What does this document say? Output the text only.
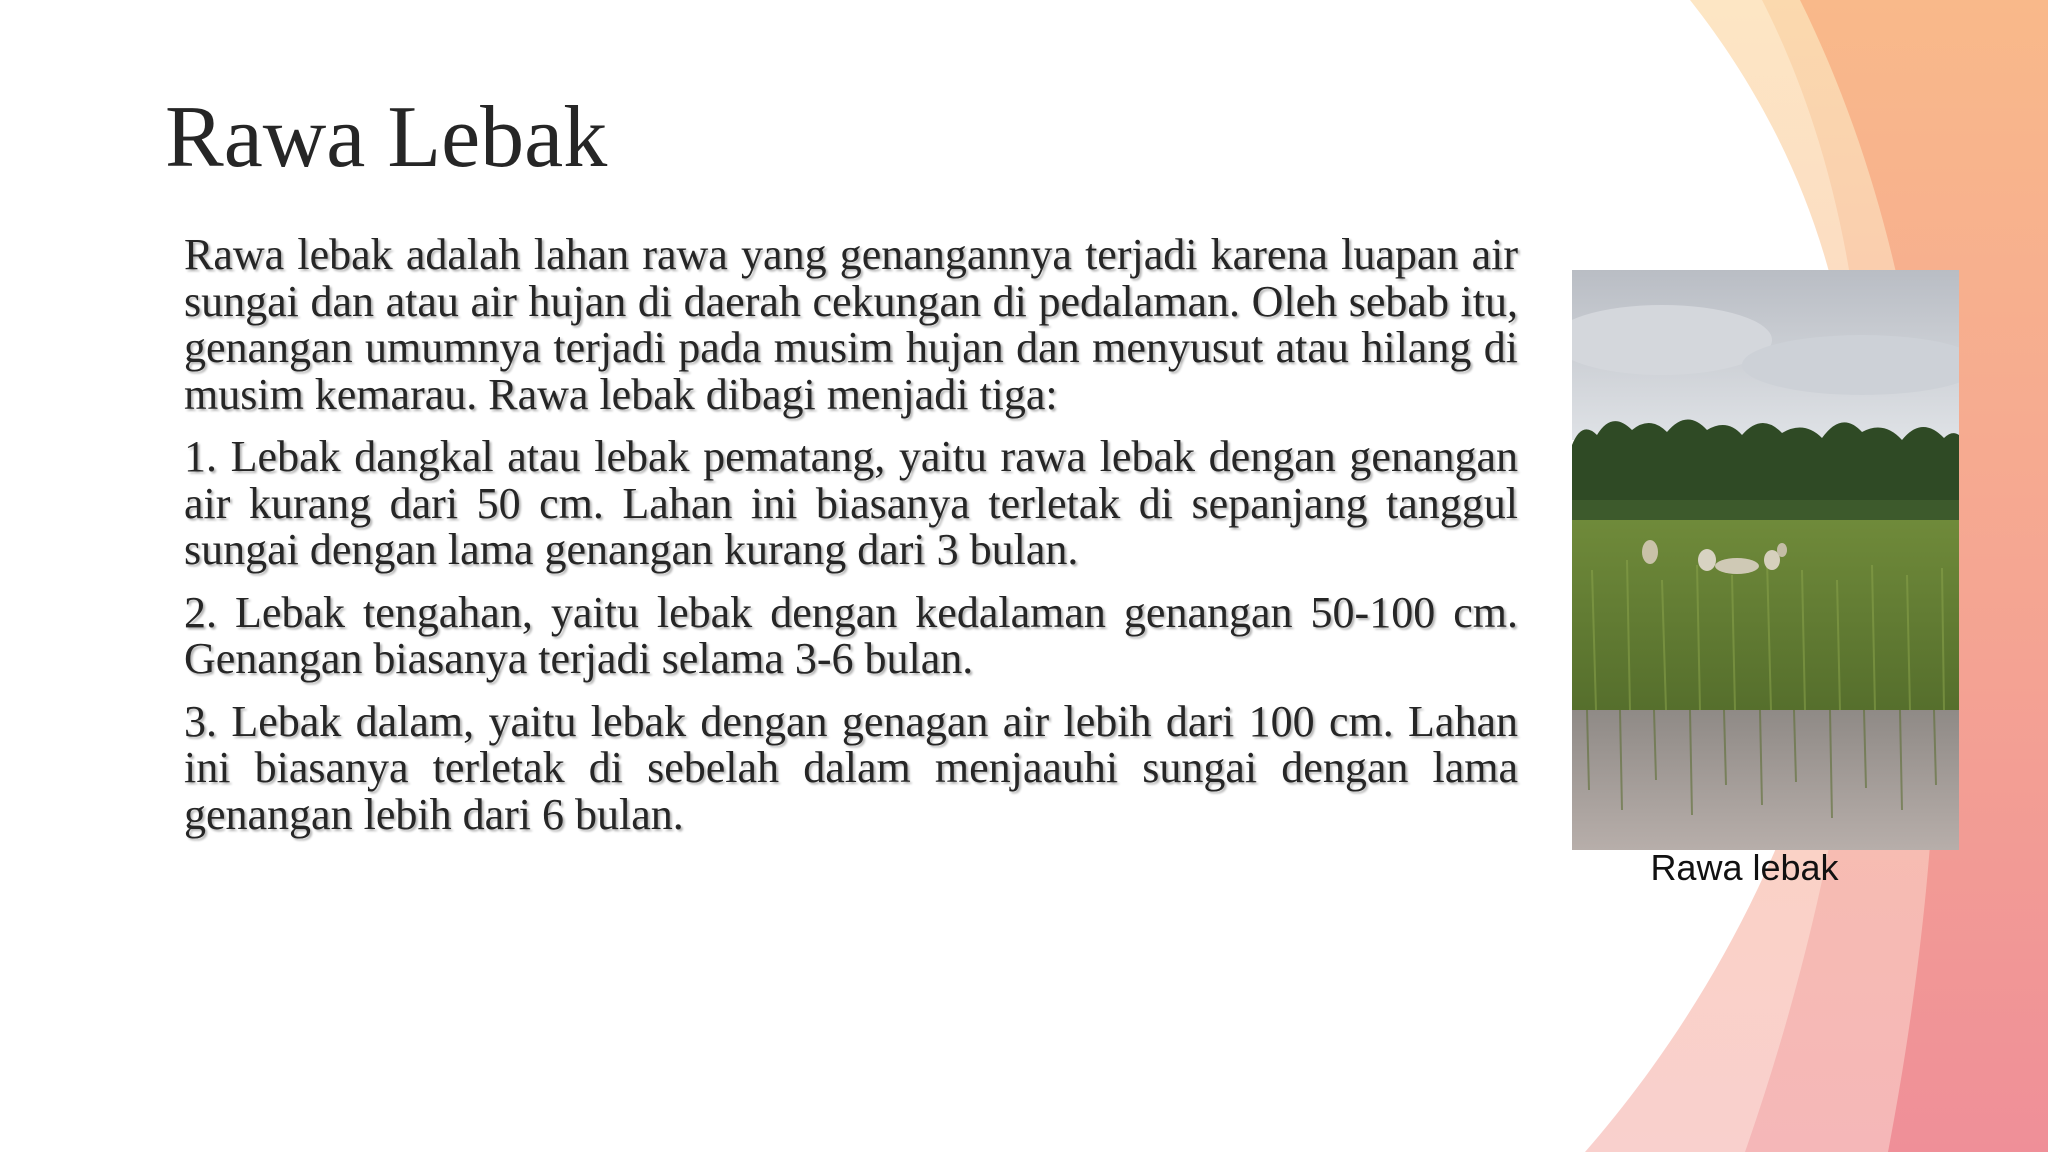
Rawa Lebak

Rawa lebak adalah lahan rawa yang genangannya terjadi karena luapan air sungai dan atau air hujan di daerah cekungan di pedalaman. Oleh sebab itu, genangan umumnya terjadi pada musim hujan dan menyusut atau hilang di musim kemarau. Rawa lebak dibagi menjadi tiga:

1. Lebak dangkal atau lebak pematang, yaitu rawa lebak dengan genangan air kurang dari 50 cm. Lahan ini biasanya terletak di sepanjang tanggul sungai dengan lama genangan kurang dari 3 bulan.

2. Lebak tengahan, yaitu lebak dengan kedalaman genangan 50-100 cm. Genangan biasanya terjadi selama 3-6 bulan.

3. Lebak dalam, yaitu lebak dengan genagan air lebih dari 100 cm. Lahan ini biasanya terletak di sebelah dalam menjaauhi sungai dengan lama genangan lebih dari 6 bulan.

Rawa lebak
